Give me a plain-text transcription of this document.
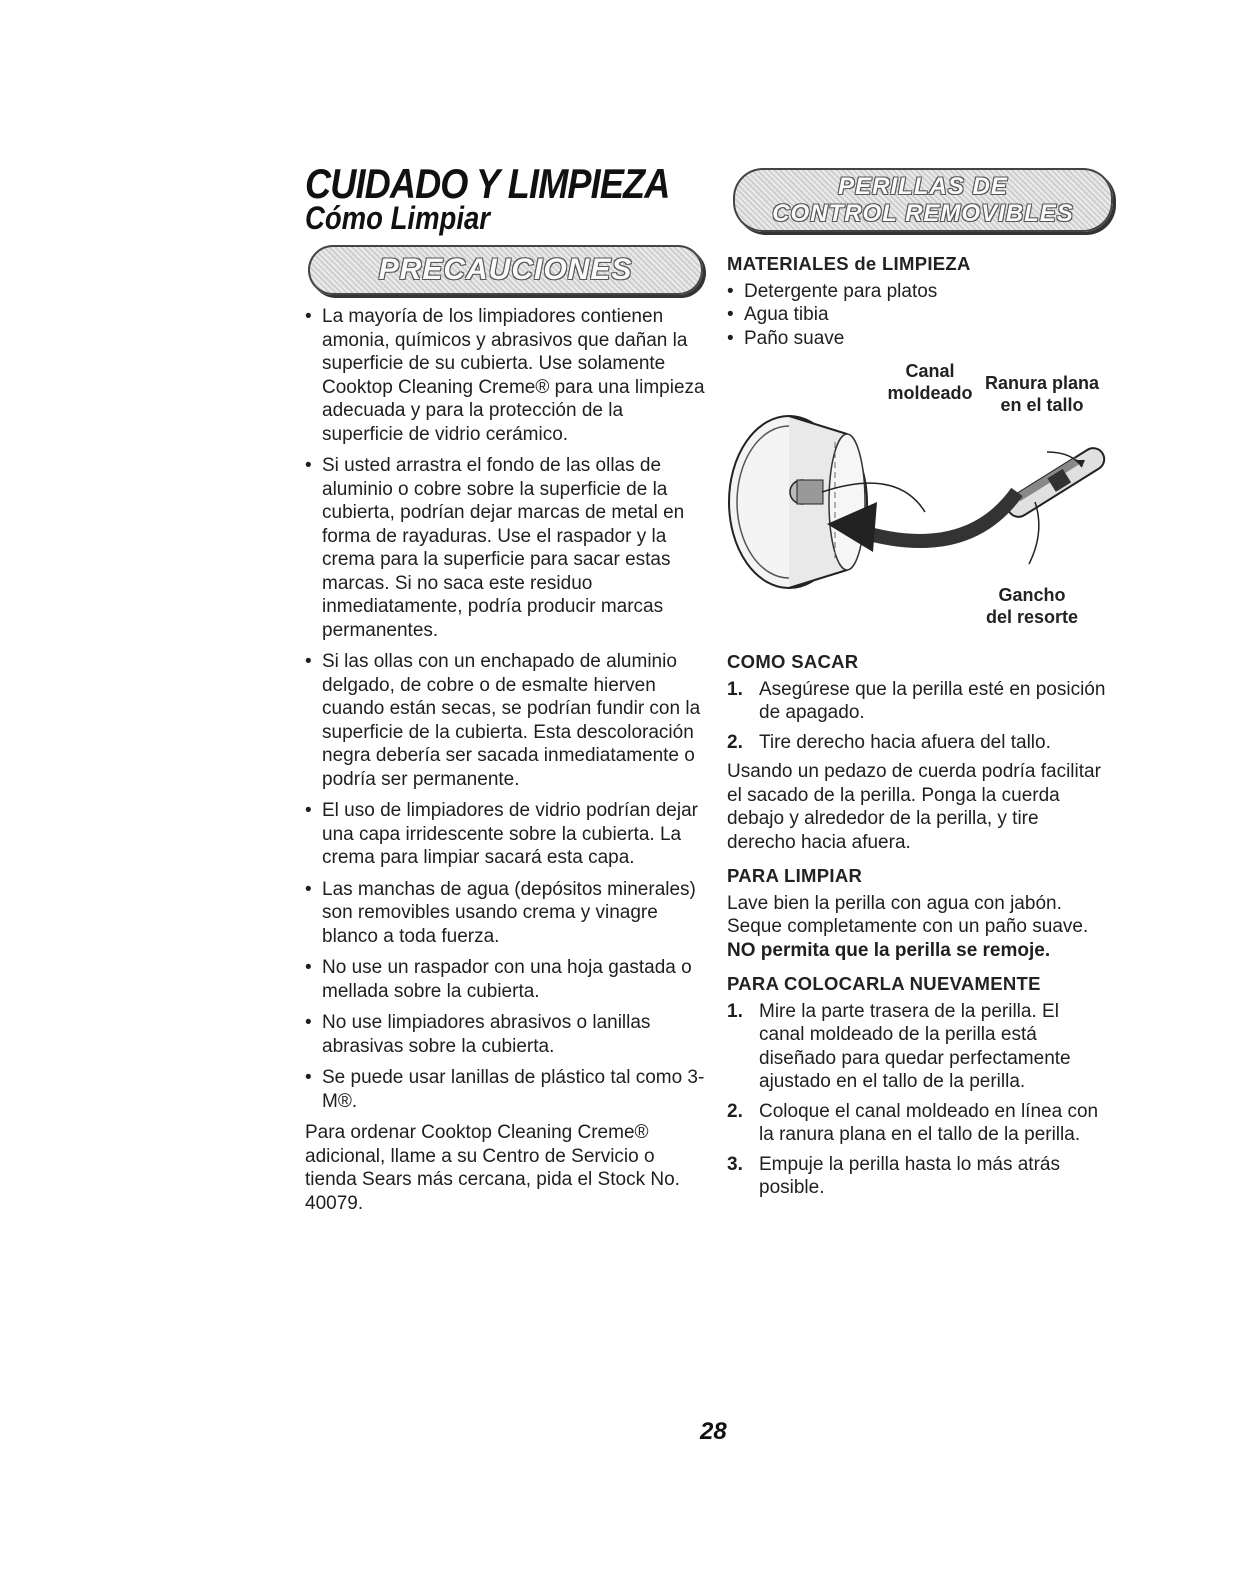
CUIDADO Y LIMPIEZA
Cómo Limpiar
PRECAUCIONES
PERILLAS DE
CONTROL REMOVIBLES
• La mayoría de los limpiadores contienen amonia, químicos y abrasivos que dañan la superficie de su cubierta. Use solamente Cooktop Cleaning Creme® para una limpieza adecuada y para la protección de la superficie de vidrio cerámico.
• Si usted arrastra el fondo de las ollas de aluminio o cobre sobre la superficie de la cubierta, podrían dejar marcas de metal en forma de rayaduras. Use el raspador y la crema para la superficie para sacar estas marcas. Si no saca este residuo inmediatamente, podría producir marcas permanentes.
• Si las ollas con un enchapado de aluminio delgado, de cobre o de esmalte hierven cuando están secas, se podrían fundir con la superficie de la cubierta. Esta descoloración negra debería ser sacada inmediatamente o podría ser permanente.
• El uso de limpiadores de vidrio podrían dejar una capa irridescente sobre la cubierta. La crema para limpiar sacará esta capa.
• Las manchas de agua (depósitos minerales) son removibles usando crema y vinagre blanco a toda fuerza.
• No use un raspador con una hoja gastada o mellada sobre la cubierta.
• No use limpiadores abrasivos o lanillas abrasivas sobre la cubierta.
• Se puede usar lanillas de plástico tal como 3-M®.

Para ordenar Cooktop Cleaning Creme® adicional, llame a su Centro de Servicio o tienda Sears más cercana, pida el Stock No. 40079.

MATERIALES de LIMPIEZA
• Detergente para platos
• Agua tibia
• Paño suave
Canal
moldeado Ranura plana
en el tallo
Gancho
del resorte
COMO SACAR
1. Asegúrese que la perilla esté en posición de apagado.
2. Tire derecho hacia afuera del tallo.

Usando un pedazo de cuerda podría facilitar el sacado de la perilla. Ponga la cuerda debajo y alrededor de la perilla, y tire derecho hacia afuera.

PARA LIMPIAR

Lave bien la perilla con agua con jabón. Seque completamente con un paño suave.

NO permita que la perilla se remoje.

PARA COLOCARLA NUEVAMENTE
1. Mire la parte trasera de la perilla. El canal moldeado de la perilla está diseñado para quedar perfectamente ajustado en el tallo de la perilla.
2. Coloque el canal moldeado en línea con la ranura plana en el tallo de la perilla.
3. Empuje la perilla hasta lo más atrás posible.
28
